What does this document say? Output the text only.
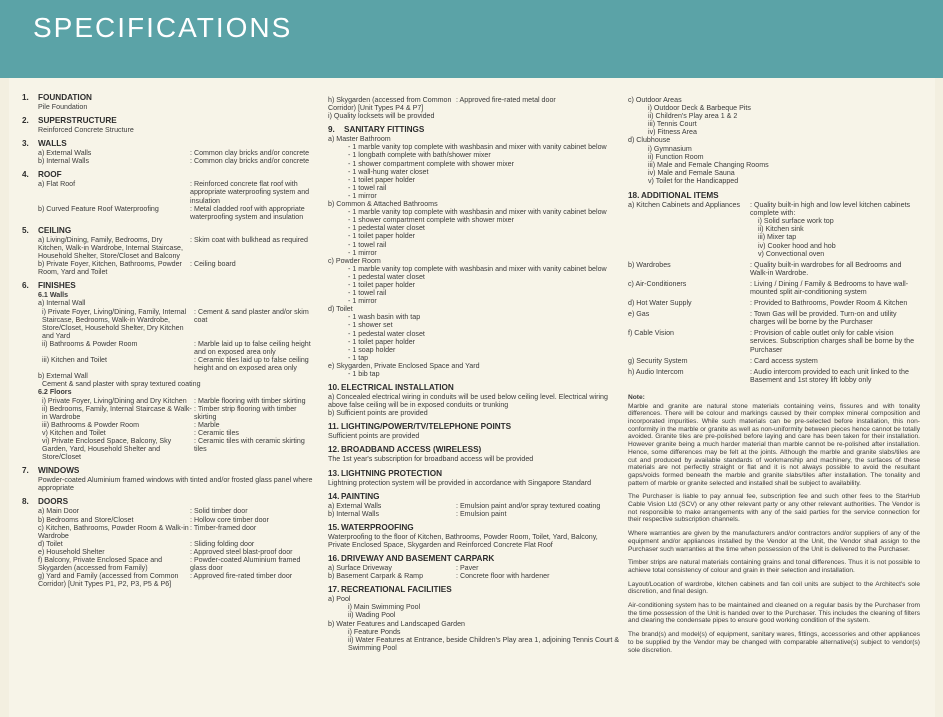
SPECIFICATIONS
1. FOUNDATION
Pile Foundation
2. SUPERSTRUCTURE
Reinforced Concrete Structure
3. WALLS
a) External Walls	: Common clay bricks and/or concrete
b) Internal Walls	: Common clay bricks and/or concrete
4. ROOF
a) Flat Roof	: Reinforced concrete flat roof with appropriate waterproofing system and insulation
b) Curved Feature Roof Waterproofing	: Metal cladded roof with appropriate waterproofing system and insulation
5. CEILING
a) Living/Dining, Family, Bedrooms, Dry Kitchen, Walk-in Wardrobe, Internal Staircase, Household Shelter, Store/Closet and Balcony
: Skim coat with bulkhead as required
b) Private Foyer, Kitchen, Bathrooms, Powder Room, Yard and Toilet
: Ceiling board
6. FINISHES
6.1 Walls
a) Internal Wall
i) Private Foyer, Living/Dining, Family, Internal Staircase, Bedrooms, Walk-in Wardrobe, Store/Closet, Household Shelter, Dry Kitchen and Yard
: Cement & sand plaster and/or skim coat
ii) Bathrooms & Powder Room	: Marble laid up to false ceiling height and on exposed area only
iii) Kitchen and Toilet	: Ceramic tiles laid up to false ceiling height and on exposed area only
b) External Wall
Cement & sand plaster with spray textured coating
6.2 Floors
i) Private Foyer, Living/Dining and Dry Kitchen	: Marble flooring with timber skirting
ii) Bedrooms, Family, Internal Staircase & Walk-in Wardrobe
: Timber strip flooring with timber skirting
iii) Bathrooms & Powder Room	: Marble
v) Kitchen and Toilet	: Ceramic tiles
vi) Private Enclosed Space, Balcony, Sky Garden, Yard, Household Shelter and Store/Closet
: Ceramic tiles with ceramic skirting tiles
7. WINDOWS
Powder-coated Aluminium framed windows with tinted and/or frosted glass panel where appropriate
8. DOORS
a) Main Door	: Solid timber door
b) Bedrooms and Store/Closet	: Hollow core timber door
c) Kitchen, Bathrooms, Powder Room & Walk-in Wardrobe
: Timber-framed door
d) Toilet	: Sliding folding door
e) Household Shelter	: Approved steel blast-proof door
f) Balcony, Private Enclosed Space and Skygarden (accessed from Family)
: Powder-coated Aluminium framed glass door
g) Yard and Family (accessed from Common Corridor) [Unit Types P1, P2, P3, P5 & P6]
: Approved fire-rated timber door
h) Skygarden (accessed from Common Corridor) [Unit Types P4 & P7]
: Approved fire-rated metal door
i) Quality locksets will be provided
9. SANITARY FITTINGS
a) Master Bathroom
- 1 marble vanity top complete with washbasin and mixer with vanity cabinet below
- 1 longbath complete with bath/shower mixer
- 1 shower compartment complete with shower mixer
- 1 wall-hung water closet
- 1 toilet paper holder
- 1 towel rail
- 1 mirror
b) Common & Attached Bathrooms
- 1 marble vanity top complete with washbasin and mixer with vanity cabinet below
- 1 shower compartment complete with shower mixer
- 1 pedestal water closet
- 1 toilet paper holder
- 1 towel rail
- 1 mirror
c) Powder Room
- 1 marble vanity top complete with washbasin and mixer with vanity cabinet below
- 1 pedestal water closet
- 1 toilet paper holder
- 1 towel rail
- 1 mirror
d) Toilet
- 1 wash basin with tap
- 1 shower set
- 1 pedestal water closet
- 1 toilet paper holder
- 1 soap holder
- 1 tap
e) Skygarden, Private Enclosed Space and Yard
- 1 bib tap
10. ELECTRICAL INSTALLATION
a) Concealed electrical wiring in conduits will be used below ceiling level. Electrical wiring above false ceiling will be in exposed conduits or trunking
b) Sufficient points are provided
11. LIGHTING/POWER/TV/TELEPHONE POINTS
Sufficient points are provided
12. BROADBAND ACCESS (WIRELESS)
The 1st year's subscription for broadband access will be provided
13. LIGHTNING PROTECTION
Lightning protection system will be provided in accordance with Singapore Standard
14. PAINTING
a) External Walls	: Emulsion paint and/or spray textured coating
b) Internal Walls	: Emulsion paint
15. WATERPROOFING
Waterproofing to the floor of Kitchen, Bathrooms, Powder Room, Toilet, Yard, Balcony, Private Enclosed Space, Skygarden and Reinforced Concrete Flat Roof
16. DRIVEWAY AND BASEMENT CARPARK
a) Surface Driveway	: Paver
b) Basement Carpark & Ramp	: Concrete floor with hardener
17. RECREATIONAL FACILITIES
a) Pool
i) Main Swimming Pool
ii) Wading Pool
b) Water Features and Landscaped Garden
i) Feature Ponds
ii) Water Features at Entrance, beside Children's Play area 1, adjoining Tennis Court & Swimming Pool
c) Outdoor Areas
i) Outdoor Deck & Barbeque Pits
ii) Children's Play area 1 & 2
iii) Tennis Court
iv) Fitness Area
d) Clubhouse
i) Gymnasium
ii) Function Room
iii) Male and Female Changing Rooms
iv) Male and Female Sauna
v) Toilet for the Handicapped
18. ADDITIONAL ITEMS
a) Kitchen Cabinets and Appliances	: Quality built-in high and low level kitchen cabinets complete with:
i) Solid surface work top
ii) Kitchen sink
iii) Mixer tap
iv) Cooker hood and hob
v) Convectional oven
b) Wardrobes	: Quality built-in wardrobes for all Bedrooms and Walk-in Wardrobe.
c) Air-Conditioners	: Living / Dining / Family & Bedrooms to have wall-mounted split air-conditioning system
d) Hot Water Supply	: Provided to Bathrooms, Powder Room & Kitchen
e) Gas	: Town Gas will be provided. Turn-on and utility charges will be borne by the Purchaser
f) Cable Vision	: Provision of cable outlet only for cable vision services. Subscription charges shall be borne by the Purchaser
g) Security System	: Card access system
h) Audio Intercom	: Audio intercom provided to each unit linked to the Basement and 1st storey lift lobby only
Note:

Marble and granite are natural stone materials containing veins, fissures and with tonality differences. There will be colour and markings caused by their complex mineral composition and incorporated impurities. While such materials can be pre-selected before installation, this non-conformity in the marble or granite as well as non-uniformity between pieces hence cannot be totally avoided. Granite tiles are pre-polished before laying and care has been taken for their installation. However granite being a much harder material than marble cannot be re-polished after installation. Hence, some differences may be felt at the joints. Although the marble and granite slabs/tiles are cut and produced by available standards of workmanship and machinery, the surfaces of these materials are not perfectly straight or flat and it is not always possible to avoid the resultant gaps/voids formed beneath the marble and granite slabs/tiles after installation. The tonality and pattern of marble or granite selected and installed shall be subject to availability.

The Purchaser is liable to pay annual fee, subscription fee and such other fees to the StarHub Cable Vision Ltd (SCV) or any other relevant party or any other relevant authorities. The Vendor is not responsible to make arrangements with any of the said parties for the service connection for their respective subscription channels.

Where warranties are given by the manufacturers and/or contractors and/or suppliers of any of the equipment and/or appliances installed by the Vendor at the Unit, the Vendor shall assign to the Purchaser such warranties at the time when possession of the Unit is delivered to the Purchaser.

Timber strips are natural materials containing grains and tonal differences. Thus it is not possible to achieve total consistency of colour and grain in their selection and installation.

Layout/Location of wardrobe, kitchen cabinets and fan coil units are subject to the Architect's sole discretion, and final design.

Air-conditioning system has to be maintained and cleaned on a regular basis by the Purchaser from the time possession of the Unit is handed over to the Purchaser. This includes the cleaning of filters and clearing the condensate pipes to ensure good working condition of the system.

The brand(s) and model(s) of equipment, sanitary wares, fittings, accessories and other appliances to be supplied by the Vendor may be changed with comparable alternative(s) subject to vendor(s) sole discretion.
